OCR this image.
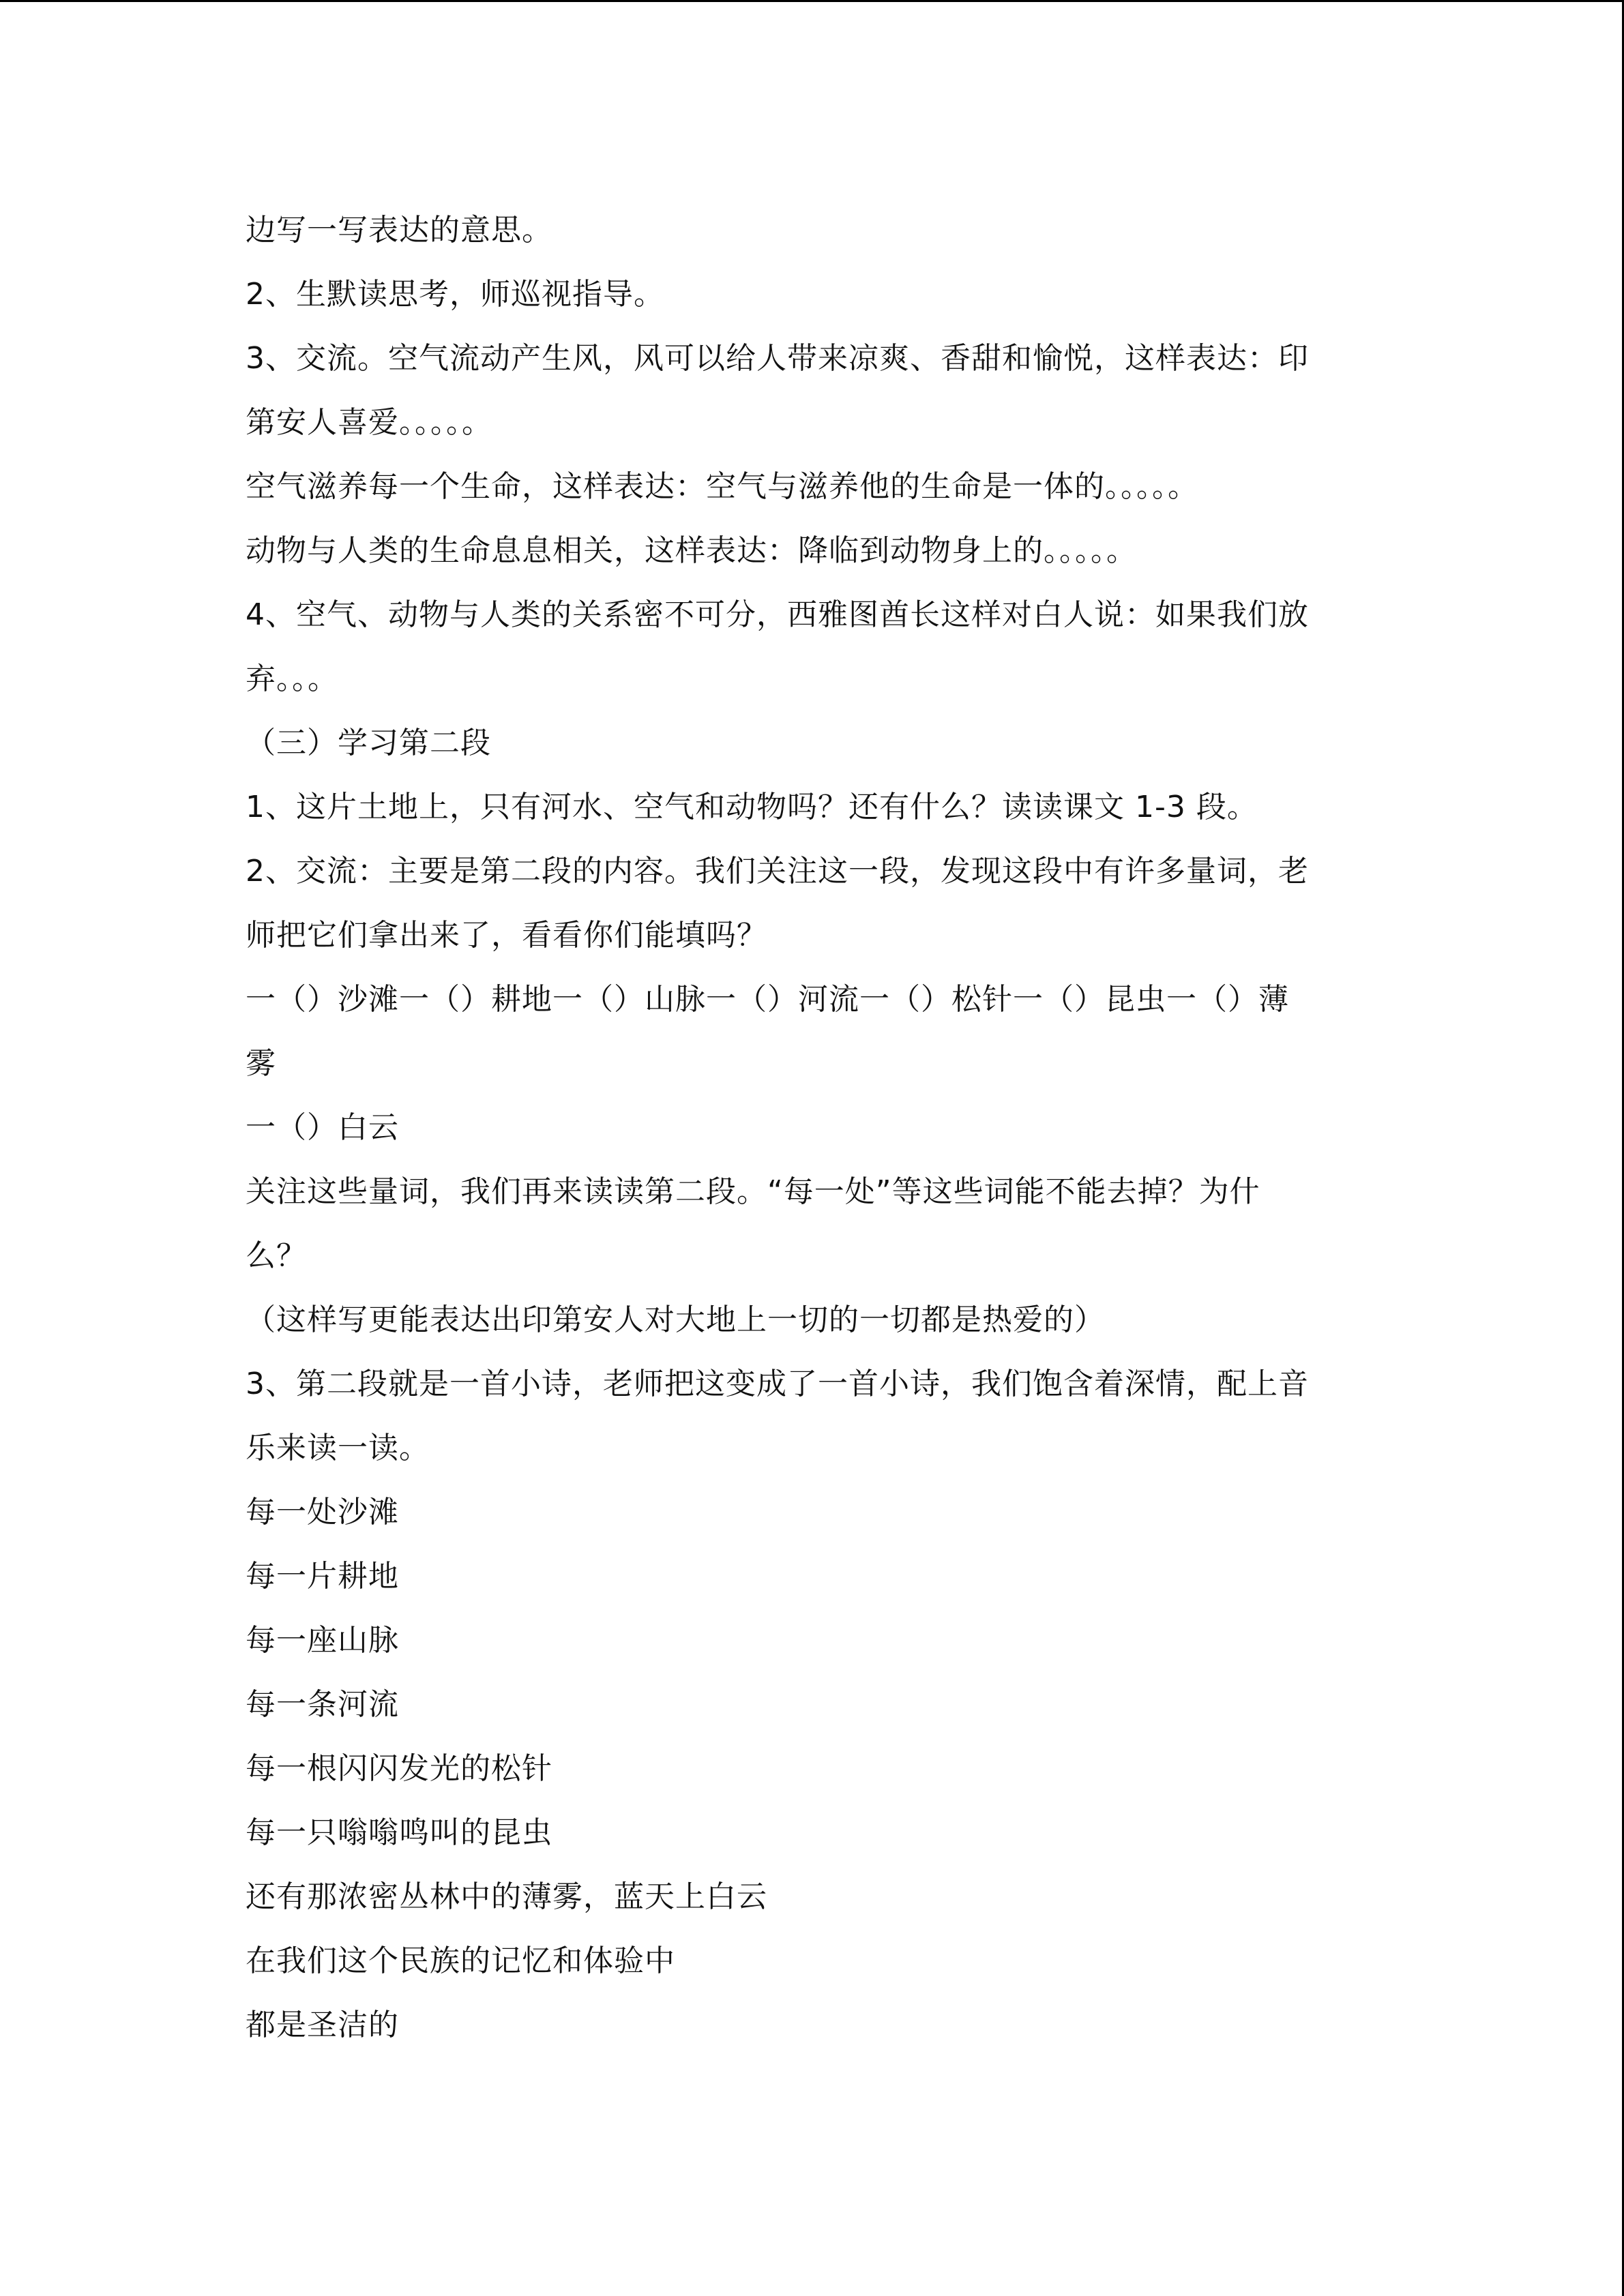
边写一写表达的意思。

2、生默读思考，师巡视指导。

3、交流。空气流动产生风，风可以给人带来凉爽、香甜和愉悦，这样表达：印

第安人喜爱。。。。。

空气滋养每一个生命，这样表达：空气与滋养他的生命是一体的。。。。。

动物与人类的生命息息相关，这样表达：降临到动物身上的。。。。。

4、空气、动物与人类的关系密不可分，西雅图酋长这样对白人说：如果我们放

弃。。。

（三）学习第二段

1、这片土地上，只有河水、空气和动物吗？还有什么？读读课文 1-3 段。

2、交流：主要是第二段的内容。我们关注这一段，发现这段中有许多量词，老

师把它们拿出来了，看看你们能填吗？

一（）沙滩一（）耕地一（）山脉一（）河流一（）松针一（）昆虫一（）薄

雾

一（）白云

关注这些量词，我们再来读读第二段。“每一处”等这些词能不能去掉？为什

么？

（这样写更能表达出印第安人对大地上一切的一切都是热爱的）

3、第二段就是一首小诗，老师把这变成了一首小诗，我们饱含着深情，配上音

乐来读一读。

每一处沙滩

每一片耕地

每一座山脉

每一条河流

每一根闪闪发光的松针

每一只嗡嗡鸣叫的昆虫

还有那浓密丛林中的薄雾，蓝天上白云

在我们这个民族的记忆和体验中

都是圣洁的
